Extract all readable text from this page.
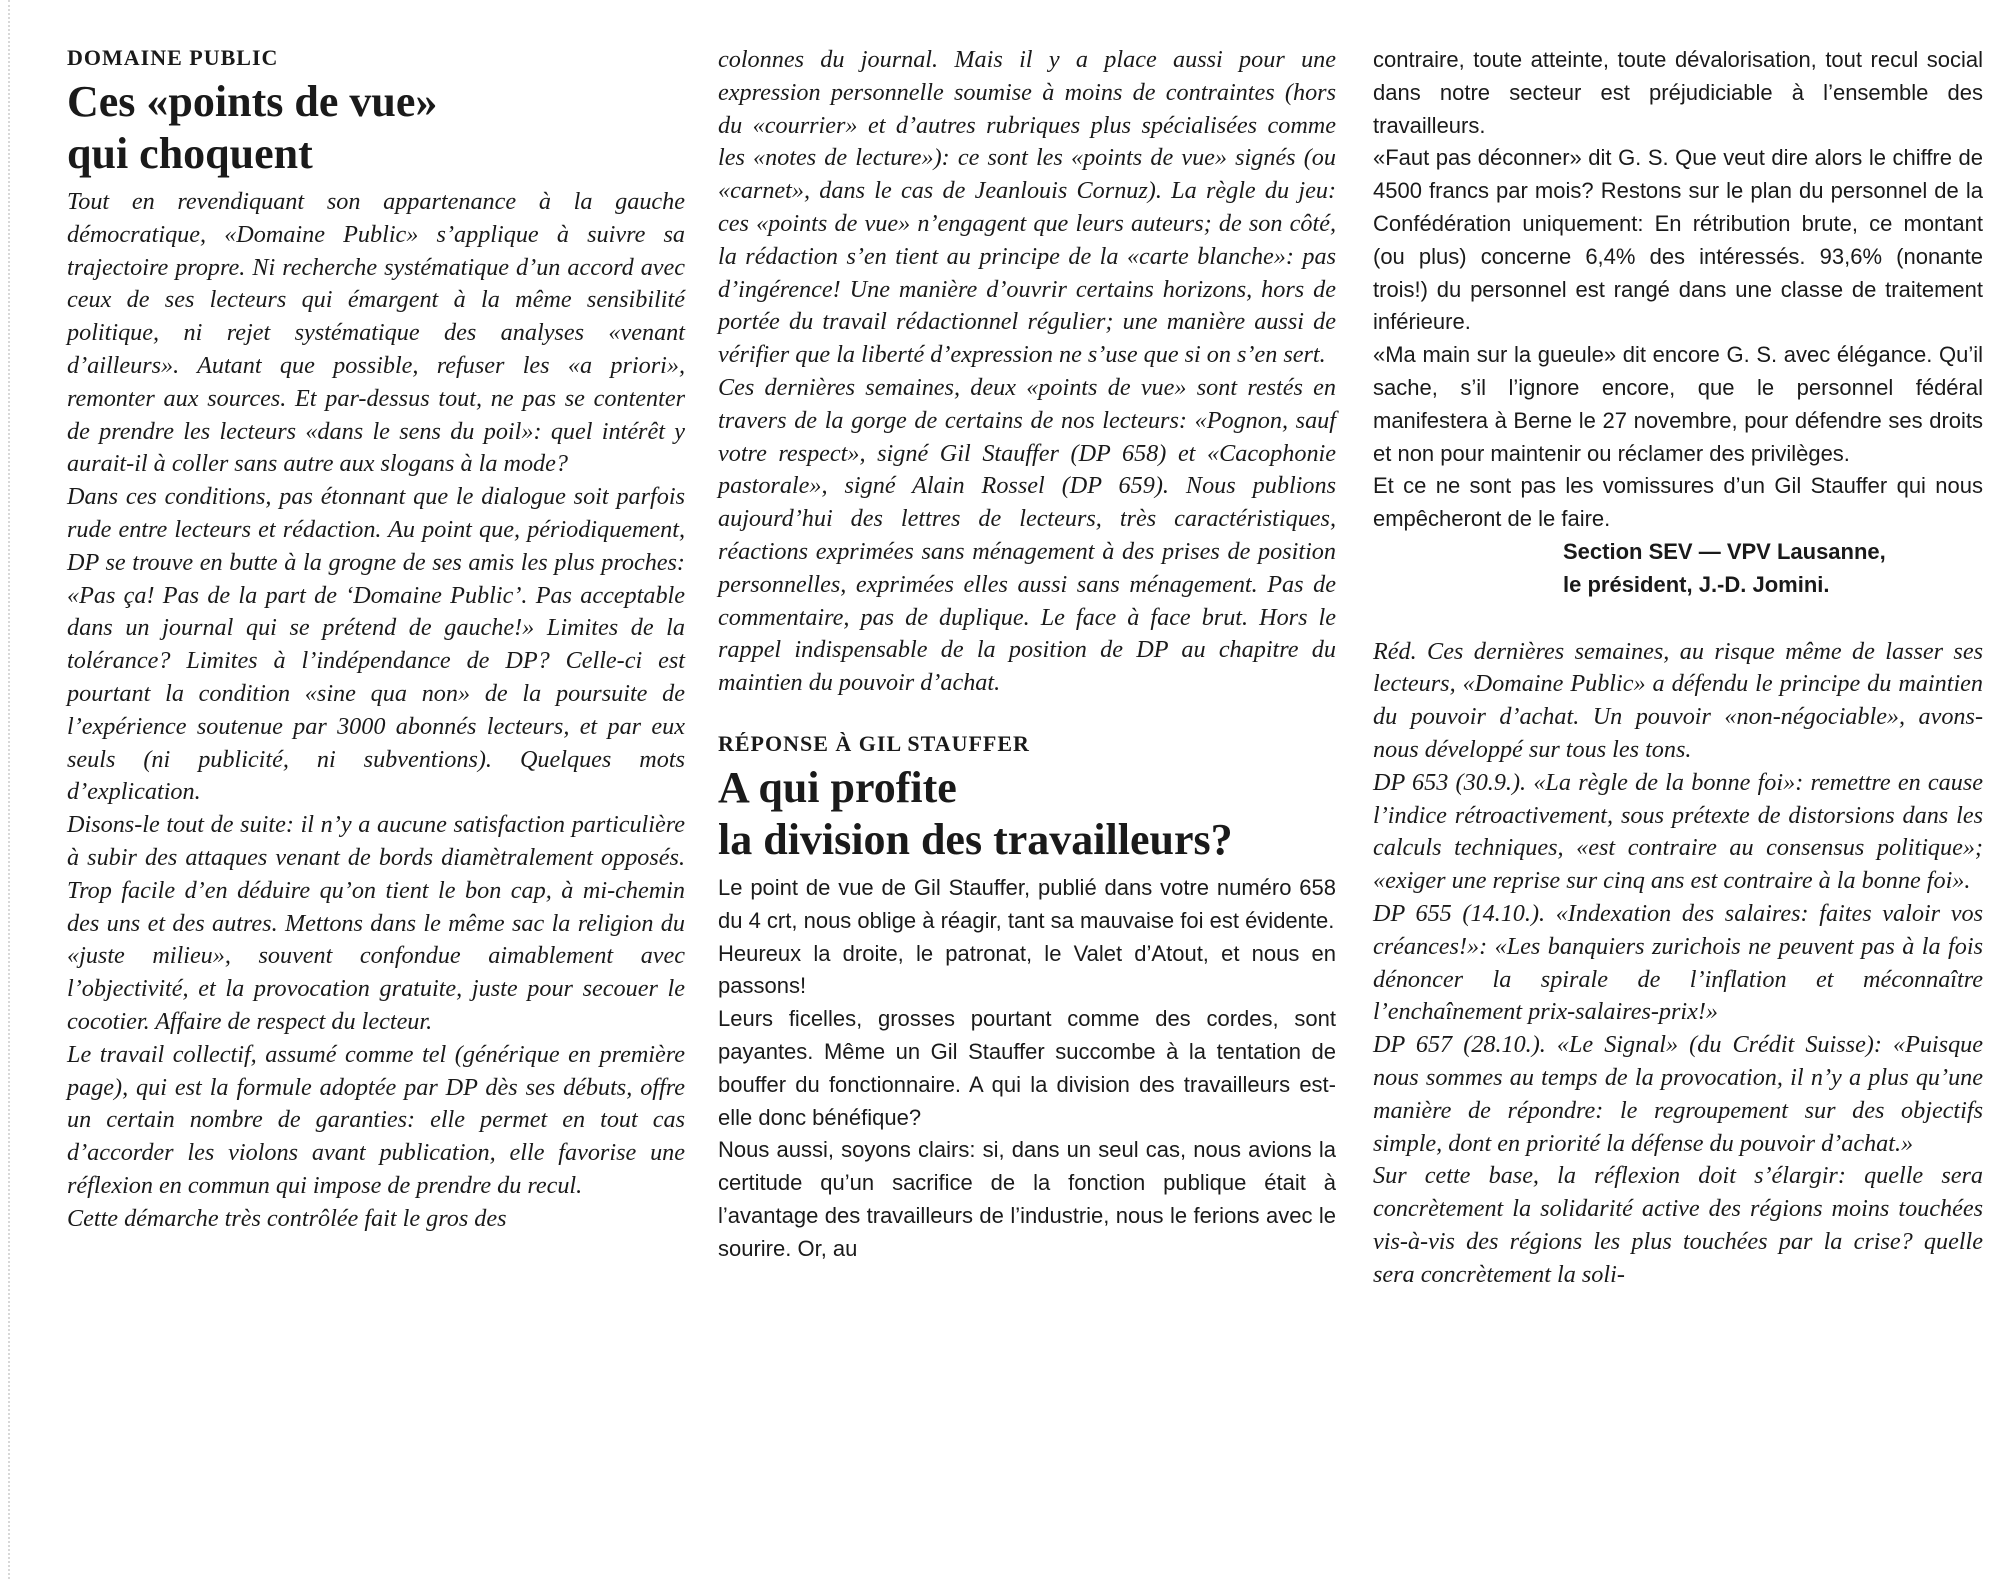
DOMAINE PUBLIC
Ces «points de vue»
qui choquent

Tout en revendiquant son appartenance à la gauche démocratique, «Domaine Public» s’applique à suivre sa trajectoire propre. Ni recherche systématique d’un accord avec ceux de ses lecteurs qui émargent à la même sensibilité politique, ni rejet systématique des analyses «venant d’ailleurs». Autant que possible, refuser les «a priori», remonter aux sources. Et par-dessus tout, ne pas se contenter de prendre les lecteurs «dans le sens du poil»: quel intérêt y aurait-il à coller sans autre aux slogans à la mode?

Dans ces conditions, pas étonnant que le dialogue soit parfois rude entre lecteurs et rédaction. Au point que, périodiquement, DP se trouve en butte à la grogne de ses amis les plus proches: «Pas ça! Pas de la part de ‘Domaine Public’. Pas acceptable dans un journal qui se prétend de gauche!» Limites de la tolérance? Limites à l’indépendance de DP? Celle-ci est pourtant la condition «sine qua non» de la poursuite de l’expérience soutenue par 3000 abonnés lecteurs, et par eux seuls (ni publicité, ni subventions). Quelques mots d’explication.

Disons-le tout de suite: il n’y a aucune satisfaction particulière à subir des attaques venant de bords diamètralement opposés. Trop facile d’en déduire qu’on tient le bon cap, à mi-chemin des uns et des autres. Mettons dans le même sac la religion du «juste milieu», souvent confondue aimablement avec l’objectivité, et la provocation gratuite, juste pour secouer le cocotier. Affaire de respect du lecteur.

Le travail collectif, assumé comme tel (générique en première page), qui est la formule adoptée par DP dès ses débuts, offre un certain nombre de garanties: elle permet en tout cas d’accorder les violons avant publication, elle favorise une réflexion en commun qui impose de prendre du recul.

Cette démarche très contrôlée fait le gros des

colonnes du journal. Mais il y a place aussi pour une expression personnelle soumise à moins de contraintes (hors du «courrier» et d’autres rubriques plus spécialisées comme les «notes de lecture»): ce sont les «points de vue» signés (ou «carnet», dans le cas de Jeanlouis Cornuz). La règle du jeu: ces «points de vue» n’engagent que leurs auteurs; de son côté, la rédaction s’en tient au principe de la «carte blanche»: pas d’ingérence! Une manière d’ouvrir certains horizons, hors de portée du travail rédactionnel régulier; une manière aussi de vérifier que la liberté d’expression ne s’use que si on s’en sert.

Ces dernières semaines, deux «points de vue» sont restés en travers de la gorge de certains de nos lecteurs: «Pognon, sauf votre respect», signé Gil Stauffer (DP 658) et «Cacophonie pastorale», signé Alain Rossel (DP 659). Nous publions aujourd’hui des lettres de lecteurs, très caractéristiques, réactions exprimées sans ménagement à des prises de position personnelles, exprimées elles aussi sans ménagement. Pas de commentaire, pas de duplique. Le face à face brut. Hors le rappel indispensable de la position de DP au chapitre du maintien du pouvoir d’achat.

RÉPONSE À GIL STAUFFER
A qui profite
la division des travailleurs?

Le point de vue de Gil Stauffer, publié dans votre numéro 658 du 4 crt, nous oblige à réagir, tant sa mauvaise foi est évidente.

Heureux la droite, le patronat, le Valet d’Atout, et nous en passons!

Leurs ficelles, grosses pourtant comme des cordes, sont payantes. Même un Gil Stauffer succombe à la tentation de bouffer du fonctionnaire. A qui la division des travailleurs est-elle donc bénéfique?

Nous aussi, soyons clairs: si, dans un seul cas, nous avions la certitude qu’un sacrifice de la fonction publique était à l’avantage des travailleurs de l’industrie, nous le ferions avec le sourire. Or, au

contraire, toute atteinte, toute dévalorisation, tout recul social dans notre secteur est préjudiciable à l’ensemble des travailleurs.

«Faut pas déconner» dit G. S. Que veut dire alors le chiffre de 4500 francs par mois? Restons sur le plan du personnel de la Confédération uniquement: En rétribution brute, ce montant (ou plus) concerne 6,4% des intéressés. 93,6% (nonante trois!) du personnel est rangé dans une classe de traitement inférieure.

«Ma main sur la gueule» dit encore G. S. avec élégance. Qu’il sache, s’il l’ignore encore, que le personnel fédéral manifestera à Berne le 27 novembre, pour défendre ses droits et non pour maintenir ou réclamer des privilèges.

Et ce ne sont pas les vomissures d’un Gil Stauffer qui nous empêcheront de le faire.

Section SEV — VPV Lausanne,

le président, J.-D. Jomini.

Réd. Ces dernières semaines, au risque même de lasser ses lecteurs, «Domaine Public» a défendu le principe du maintien du pouvoir d’achat. Un pouvoir «non-négociable», avons-nous développé sur tous les tons.

DP 653 (30.9.). «La règle de la bonne foi»: remettre en cause l’indice rétroactivement, sous prétexte de distorsions dans les calculs techniques, «est contraire au consensus politique»; «exiger une reprise sur cinq ans est contraire à la bonne foi».

DP 655 (14.10.). «Indexation des salaires: faites valoir vos créances!»: «Les banquiers zurichois ne peuvent pas à la fois dénoncer la spirale de l’inflation et méconnaître l’enchaînement prix-salaires-prix!»

DP 657 (28.10.). «Le Signal» (du Crédit Suisse): «Puisque nous sommes au temps de la provocation, il n’y a plus qu’une manière de répondre: le regroupement sur des objectifs simple, dont en priorité la défense du pouvoir d’achat.»

Sur cette base, la réflexion doit s’élargir: quelle sera concrètement la solidarité active des régions moins touchées vis-à-vis des régions les plus touchées par la crise? quelle sera concrètement la soli-
